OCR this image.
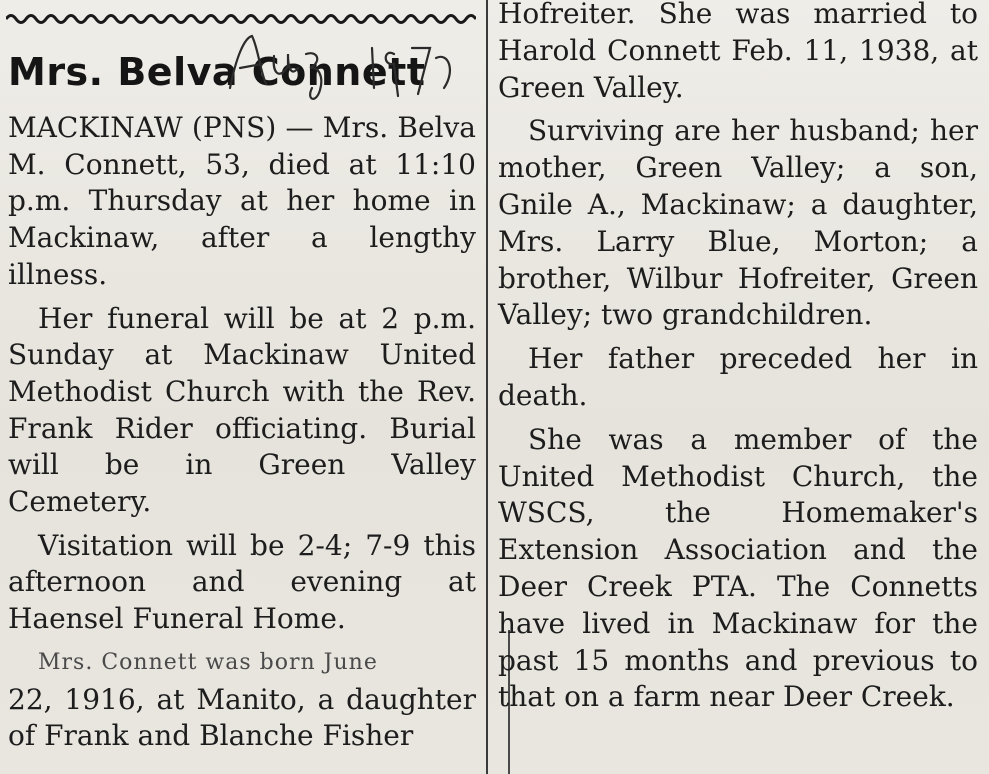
Mrs. Belva Connett

MACKINAW (PNS) — Mrs. Belva M. Connett, 53, died at 11:10 p.m. Thursday at her home in Mackinaw, after a lengthy illness.

Her funeral will be at 2 p.m. Sunday at Mackinaw United Methodist Church with the Rev. Frank Rider officiating. Burial will be in Green Valley Cemetery.

Visitation will be 2-4; 7-9 this afternoon and evening at Haensel Funeral Home.

Mrs. Connett was born June

22, 1916, at Manito, a daughter of Frank and Blanche Fisher

Hofreiter. She was married to Harold Connett Feb. 11, 1938, at Green Valley.

Surviving are her husband; her mother, Green Valley; a son, Gnile A., Mackinaw; a daughter, Mrs. Larry Blue, Morton; a brother, Wilbur Hofreiter, Green Valley; two grandchildren.

Her father preceded her in death.

She was a member of the United Methodist Church, the WSCS, the Homemaker's Extension Association and the Deer Creek PTA. The Connetts have lived in Mackinaw for the past 15 months and previous to that on a farm near Deer Creek.
